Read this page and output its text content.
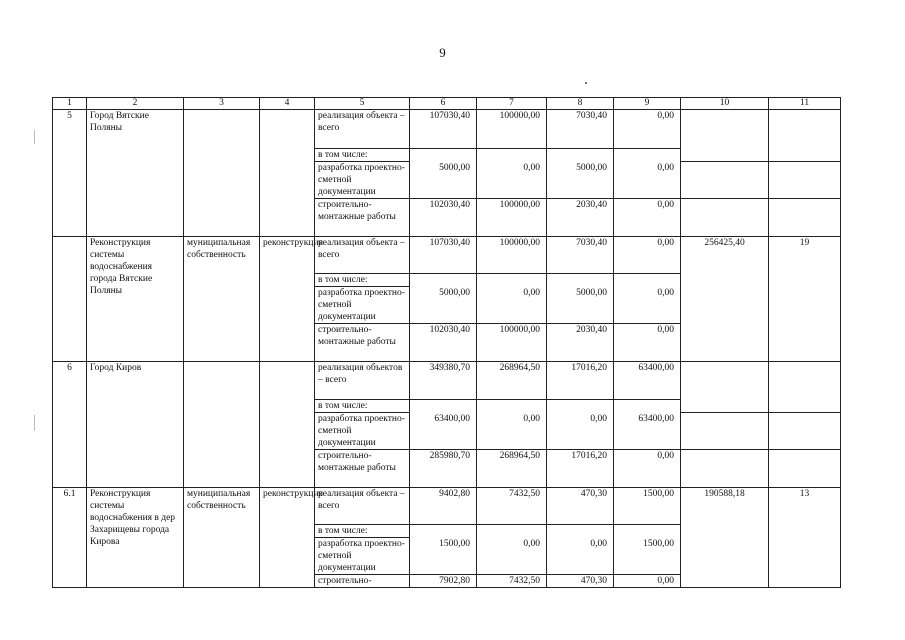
9
1	2	3	4	5	6	7	8	9	10	11
5	Город Вятские Поляны			реализация объекта – всего	107030,40	100000,00	7030,40	0,00		
				в том числе:						
				разработка проектно-сметной документации	5000,00	0,00	5000,00	0,00		
				строительно-монтажные работы	102030,40	100000,00	2030,40	0,00		
	Реконструкция системы водоснабжения города Вятские Поляны	муниципальная собственность	реконструкция	реализация объекта – всего	107030,40	100000,00	7030,40	0,00	256425,40	19
				в том числе:						
				разработка проектно-сметной документации	5000,00	0,00	5000,00	0,00		
				строительно-монтажные работы	102030,40	100000,00	2030,40	0,00		
6	Город Киров			реализация объектов – всего	349380,70	268964,50	17016,20	63400,00		
				в том числе:						
				разработка проектно-сметной документации	63400,00	0,00	0,00	63400,00		
				строительно-монтажные работы	285980,70	268964,50	17016,20	0,00		
6.1	Реконструкция системы водоснабжения в дер Захарищевы города Кирова	муниципальная собственность	реконструкция	реализация объекта – всего	9402,80	7432,50	470,30	1500,00	190588,18	13
				в том числе:						
				разработка проектно-сметной документации	1500,00	0,00	0,00	1500,00		
				строительно-	7902,80	7432,50	470,30	0,00		
